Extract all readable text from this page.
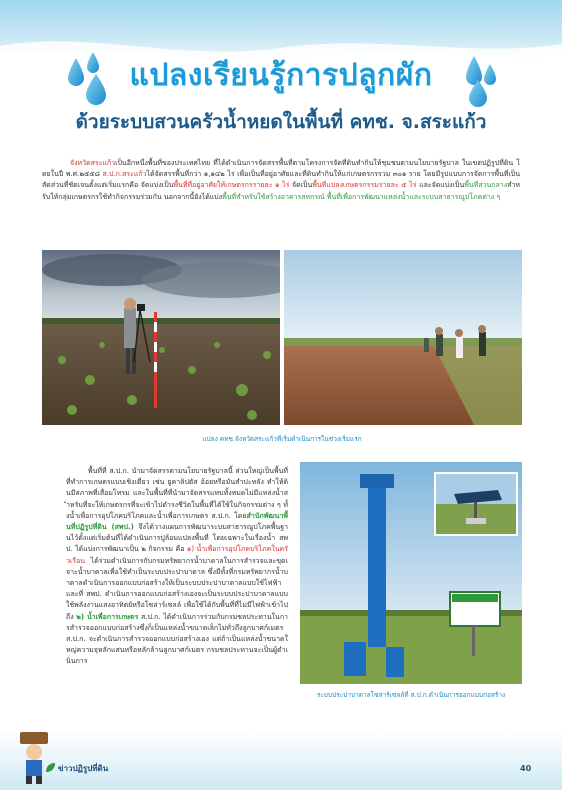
แปลงเรียนรู้การปลูกผัก
ด้วยระบบสวนครัวน้ำหยดในพื้นที่ คทช. จ.สระแก้ว
จังหวัดสระแก้วเป็นอีกหนึ่งพื้นที่ของประเทศไทย ที่ได้ดำเนินการจัดสรรพื้นที่ตามโครงการจัดที่ดินทำกินให้ชุมชนตามนโยบายรัฐบาล ในเขตปฏิรูปที่ดิน โดยในปี พ.ศ.๒๕๕๘ ส.ป.ก.สระแก้วได้จัดสรรพื้นที่กว่า ๑,๑๔๒ ไร่ เพื่อเป็นที่อยู่อาศัยและที่ดินทำกินให้แก่เกษตรกรรวม ๓๐๑ ราย โดยมีรูปแบบการจัดการพื้นที่เป็นสัดส่วนที่ชัดเจนตั้งแต่เริ่มแรกคือ จัดแบ่งเป็นพื้นที่ที่อยู่อาศัยให้เกษตรกรรายละ ๑ ไร่ จัดเป็นพื้นที่แปลงเกษตรกรรมรายละ ๕ ไร่ และจัดแบ่งเป็นพื้นที่ส่วนกลางสำหรับให้กลุ่มเกษตรกรใช้ทำกิจกรรมร่วมกัน นอกจากนี้ยังได้แบ่งพื้นที่สำหรับใช้สร้างอาคารสหกรณ์ พื้นที่เพื่อการพัฒนาแหล่งน้ำและระบบสาธารณูปโภคต่าง ๆ
แปลง คทช.จังหวัดสระแก้วที่เริ่มดำเนินการในช่วงเริ่มแรก
พื้นที่ที่ ส.ป.ก. นำมาจัดสรรตามนโยบายรัฐบาลนี้ ส่วนใหญ่เป็นพื้นที่ที่ทำการเกษตรแบบเชิงเดี่ยว เช่น ยูคาลิปตัส อ้อยหรือมันสำปะหลัง ทำให้ดินมีสภาพที่เสื่อมโทรม และในพื้นที่ที่นำมาจัดสรรแทบทั้งหมดไม่มีแหล่งน้ำสำหรับที่จะให้เกษตรกรที่จะเข้าไปดำรงชีวิตในพื้นที่ได้ใช้ในกิจกรรมต่าง ๆ ทั้งน้ำเพื่อการอุปโภคบริโภคและน้ำเพื่อการเกษตร ส.ป.ก. โดยสำนักพัฒนาพื้นที่ปฏิรูปที่ดิน (สพป.) จึงได้วางแผนการพัฒนาระบบสาธารณูปโภคพื้นฐานไว้ตั้งแต่เริ่มต้นที่ได้ดำเนินการปูล้อมแปลงพื้นที่ โดยเฉพาะในเรื่องน้ำ สพป. ได้แบ่งการพัฒนาเป็น ๒ กิจกรรม คือ ๑) น้ำเพื่อการอุปโภคบริโภคในครัวเรือน ได้ร่วมดำเนินการกับกรมทรัพยากรน้ำบาดาลในการสำรวจและขุดเจาะน้ำบาดาลเพื่อใช้ทำเป็นระบบประปาบาดาล ซึ่งมีทั้งที่กรมทรัพยากรน้ำบาดาลดำเนินการออกแบบก่อสร้างให้เป็นระบบประปาบาดาลแบบใช้ไฟฟ้า และที่ สพป. ดำเนินการออกแบบก่อสร้างเองจะเป็นระบบประปาบาดาลแบบใช้พลังงานแสงอาทิตย์หรือโซล่าร์เซลล์ เพื่อใช้ได้กับพื้นที่ที่ไม่มีไฟฟ้าเข้าไปถึง ๒) น้ำเพื่อการเกษตร ส.ป.ก. ได้ดำเนินการร่วมกับกรมชลประทานในการสำรวจออกแบบก่อสร้างซึ่งก็เป็นแหล่งน้ำขนาดเล็กไม่ทั่วถึงลูกบาศก์เมตร ส.ป.ก. จะดำเนินการสำรวจออกแบบก่อสร้างเอง แต่ถ้าเป็นแหล่งน้ำขนาดใหญ่ความจุหลักแสนหรือหลักล้านลูกบาศก์เมตร กรมชลประทานจะเป็นผู้ดำเนินการ
ระบบประปาบาดาลโซล่าร์เซลล์ที่ ส.ป.ก.ดำเนินการออกแบบก่อสร้าง
ข่าวปฏิรูปที่ดิน	40
